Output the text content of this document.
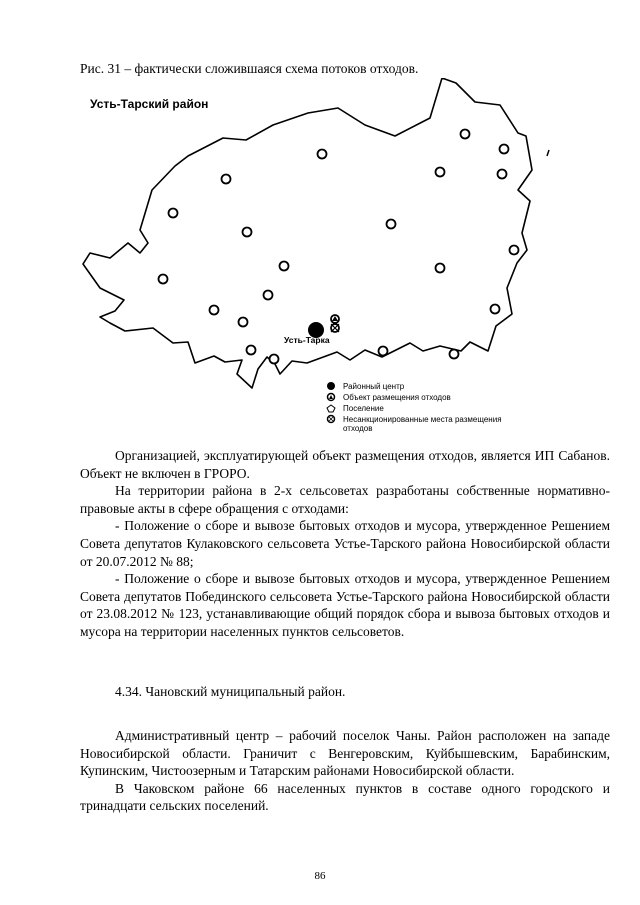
Рис. 31 – фактически сложившаяся схема потоков отходов.
Усть-Тарский район
Усть-Тарка
Районный центр
Объект размещения отходов
Поселение
Несанкционированные места размещения
отходов

Организацией, эксплуатирующей объект размещения отходов, является ИП Сабанов. Объект не включен в ГРОРО.

На территории района в 2-х сельсоветах разработаны собственные нормативно-правовые акты в сфере обращения с отходами:

- Положение о сборе и вывозе бытовых отходов и мусора, утвержденное Решением Совета депутатов Кулаковского сельсовета Устье-Тарского района Новосибирской области от 20.07.2012 № 88;

- Положение о сборе и вывозе бытовых отходов и мусора, утвержденное Решением Совета депутатов Побединского сельсовета Устье-Тарского района Новосибирской области от 23.08.2012 № 123, устанавливающие общий порядок сбора и вывоза бытовых отходов и мусора на территории населенных пунктов сельсоветов.

4.34. Чановский муниципальный район.

Административный центр – рабочий поселок Чаны. Район расположен на западе Новосибирской области. Граничит с Венгеровским, Куйбышевским, Барабинским, Купинским, Чистоозерным и Татарским районами Новосибирской области.

В Чаковском районе 66 населенных пунктов в составе одного городского и тринадцати сельских поселений.

86
